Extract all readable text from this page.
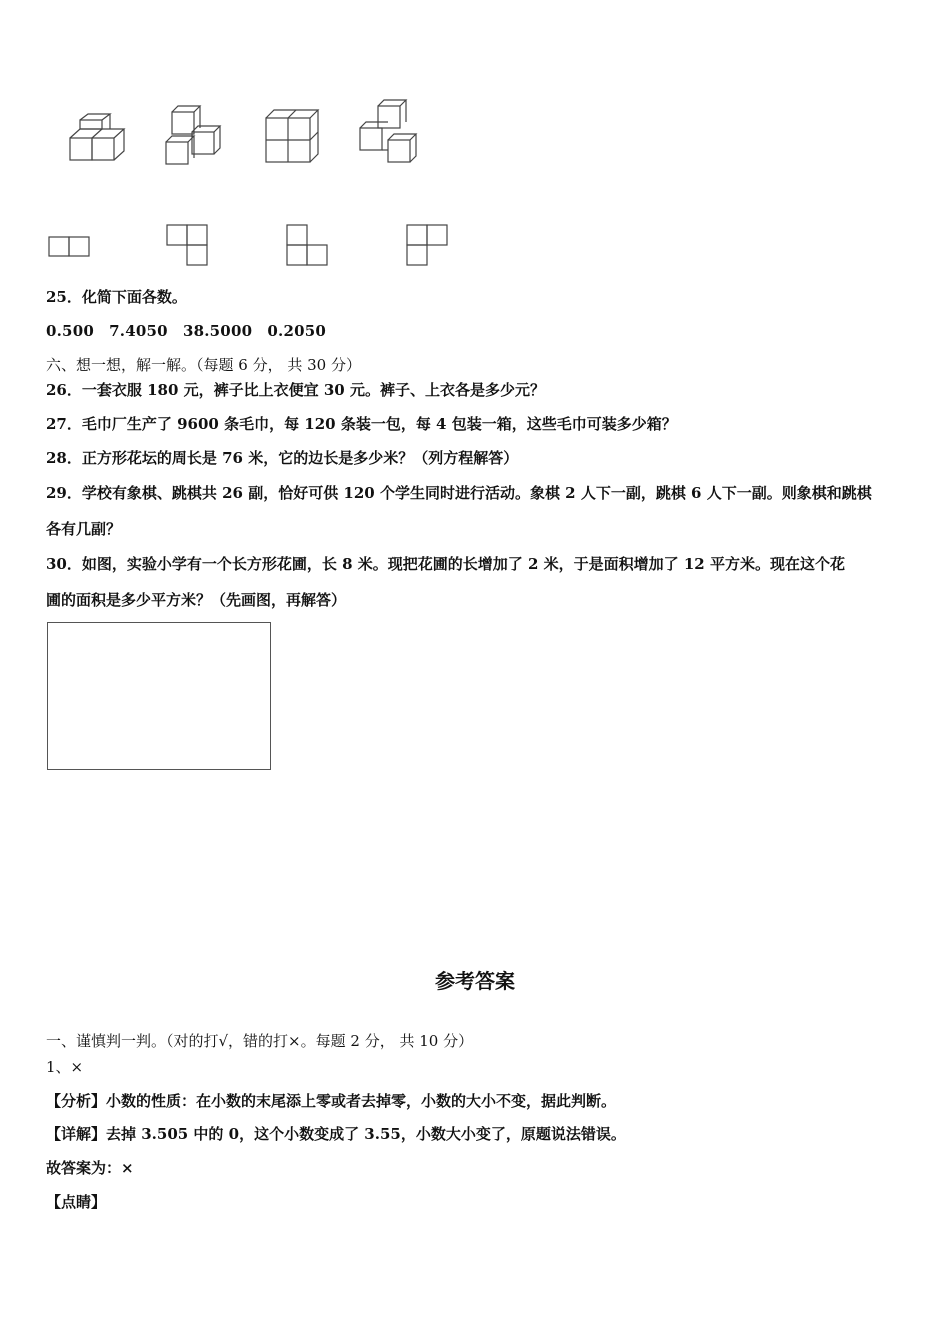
25．化简下面各数。
0.500　7.4050　38.5000　0.2050
六、想一想，解一解。（每题 6 分， 共 30 分）
26．一套衣服 180 元，裤子比上衣便宜 30 元。裤子、上衣各是多少元？
27．毛巾厂生产了 9600 条毛巾，每 120 条装一包，每 4 包装一箱，这些毛巾可装多少箱？
28．正方形花坛的周长是 76 米，它的边长是多少米？（列方程解答）
29．学校有象棋、跳棋共 26 副，恰好可供 120 个学生同时进行活动。象棋 2 人下一副，跳棋 6 人下一副。则象棋和跳棋
各有几副？
30．如图，实验小学有一个长方形花圃，长 8 米。现把花圃的长增加了 2 米，于是面积增加了 12 平方米。现在这个花
圃的面积是多少平方米？（先画图，再解答）
参考答案
一、谨慎判一判。（对的打√，错的打×。每题 2 分， 共 10 分）
1、×
【分析】小数的性质：在小数的末尾添上零或者去掉零，小数的大小不变，据此判断。
【详解】去掉 3.505 中的 0，这个小数变成了 3.55，小数大小变了，原题说法错误。
故答案为：×
【点睛】
